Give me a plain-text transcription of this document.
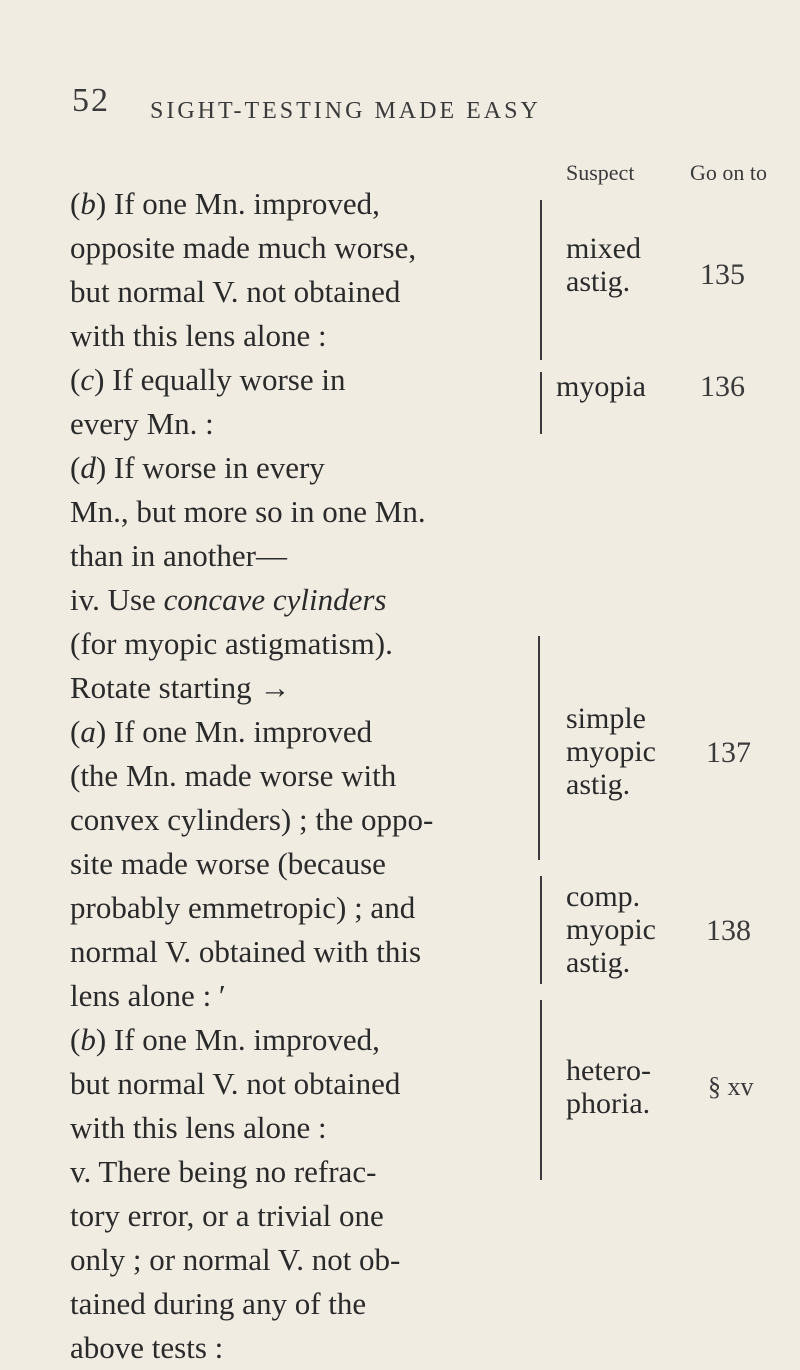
52 SIGHT-TESTING MADE EASY
Suspect	Go on to
(b) If one Mn. improved,
opposite made much worse,
but normal V. not obtained
with this lens alone :
(c) If equally worse in
every Mn. :
(d) If worse in every
Mn., but more so in one Mn.
than in another—
iv. Use concave cylinders
(for myopic astigmatism).
Rotate starting →
(a) If one Mn. improved
(the Mn. made worse with
convex cylinders) ; the oppo-
site made worse (because
probably emmetropic) ; and
normal V. obtained with this
lens alone : ′
(b) If one Mn. improved,
but normal V. not obtained
with this lens alone :
v. There being no refrac-
tory error, or a trivial one
only ; or normal V. not ob-
tained during any of the
above tests :
mixed
astig.	135
myopia 136
simple
myopic
astig.
137
comp.
myopic
astig.
138
hetero-
phoria.
§ xv
